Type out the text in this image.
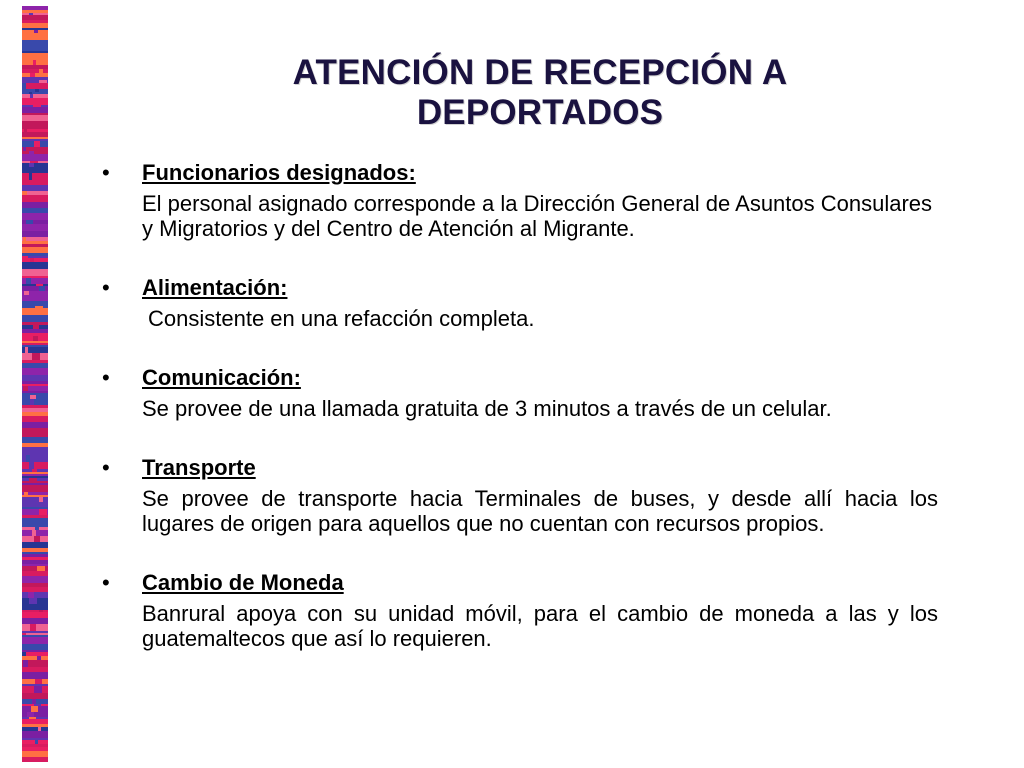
ATENCIÓN DE RECEPCIÓN A
DEPORTADOS
• Funcionarios designados:
El personal asignado corresponde a la Dirección General de Asuntos Consulares y Migratorios y del Centro de Atención al Migrante.
• Alimentación:
Consistente en una refacción completa.
• Comunicación:
Se provee de una llamada gratuita de 3 minutos a través de un celular.
• Transporte
Se provee de transporte hacia Terminales de buses, y desde allí hacia los lugares de origen para aquellos que no cuentan con recursos propios.
• Cambio de Moneda
Banrural apoya con su unidad móvil, para el cambio de moneda a las y los guatemaltecos que así lo requieren.
